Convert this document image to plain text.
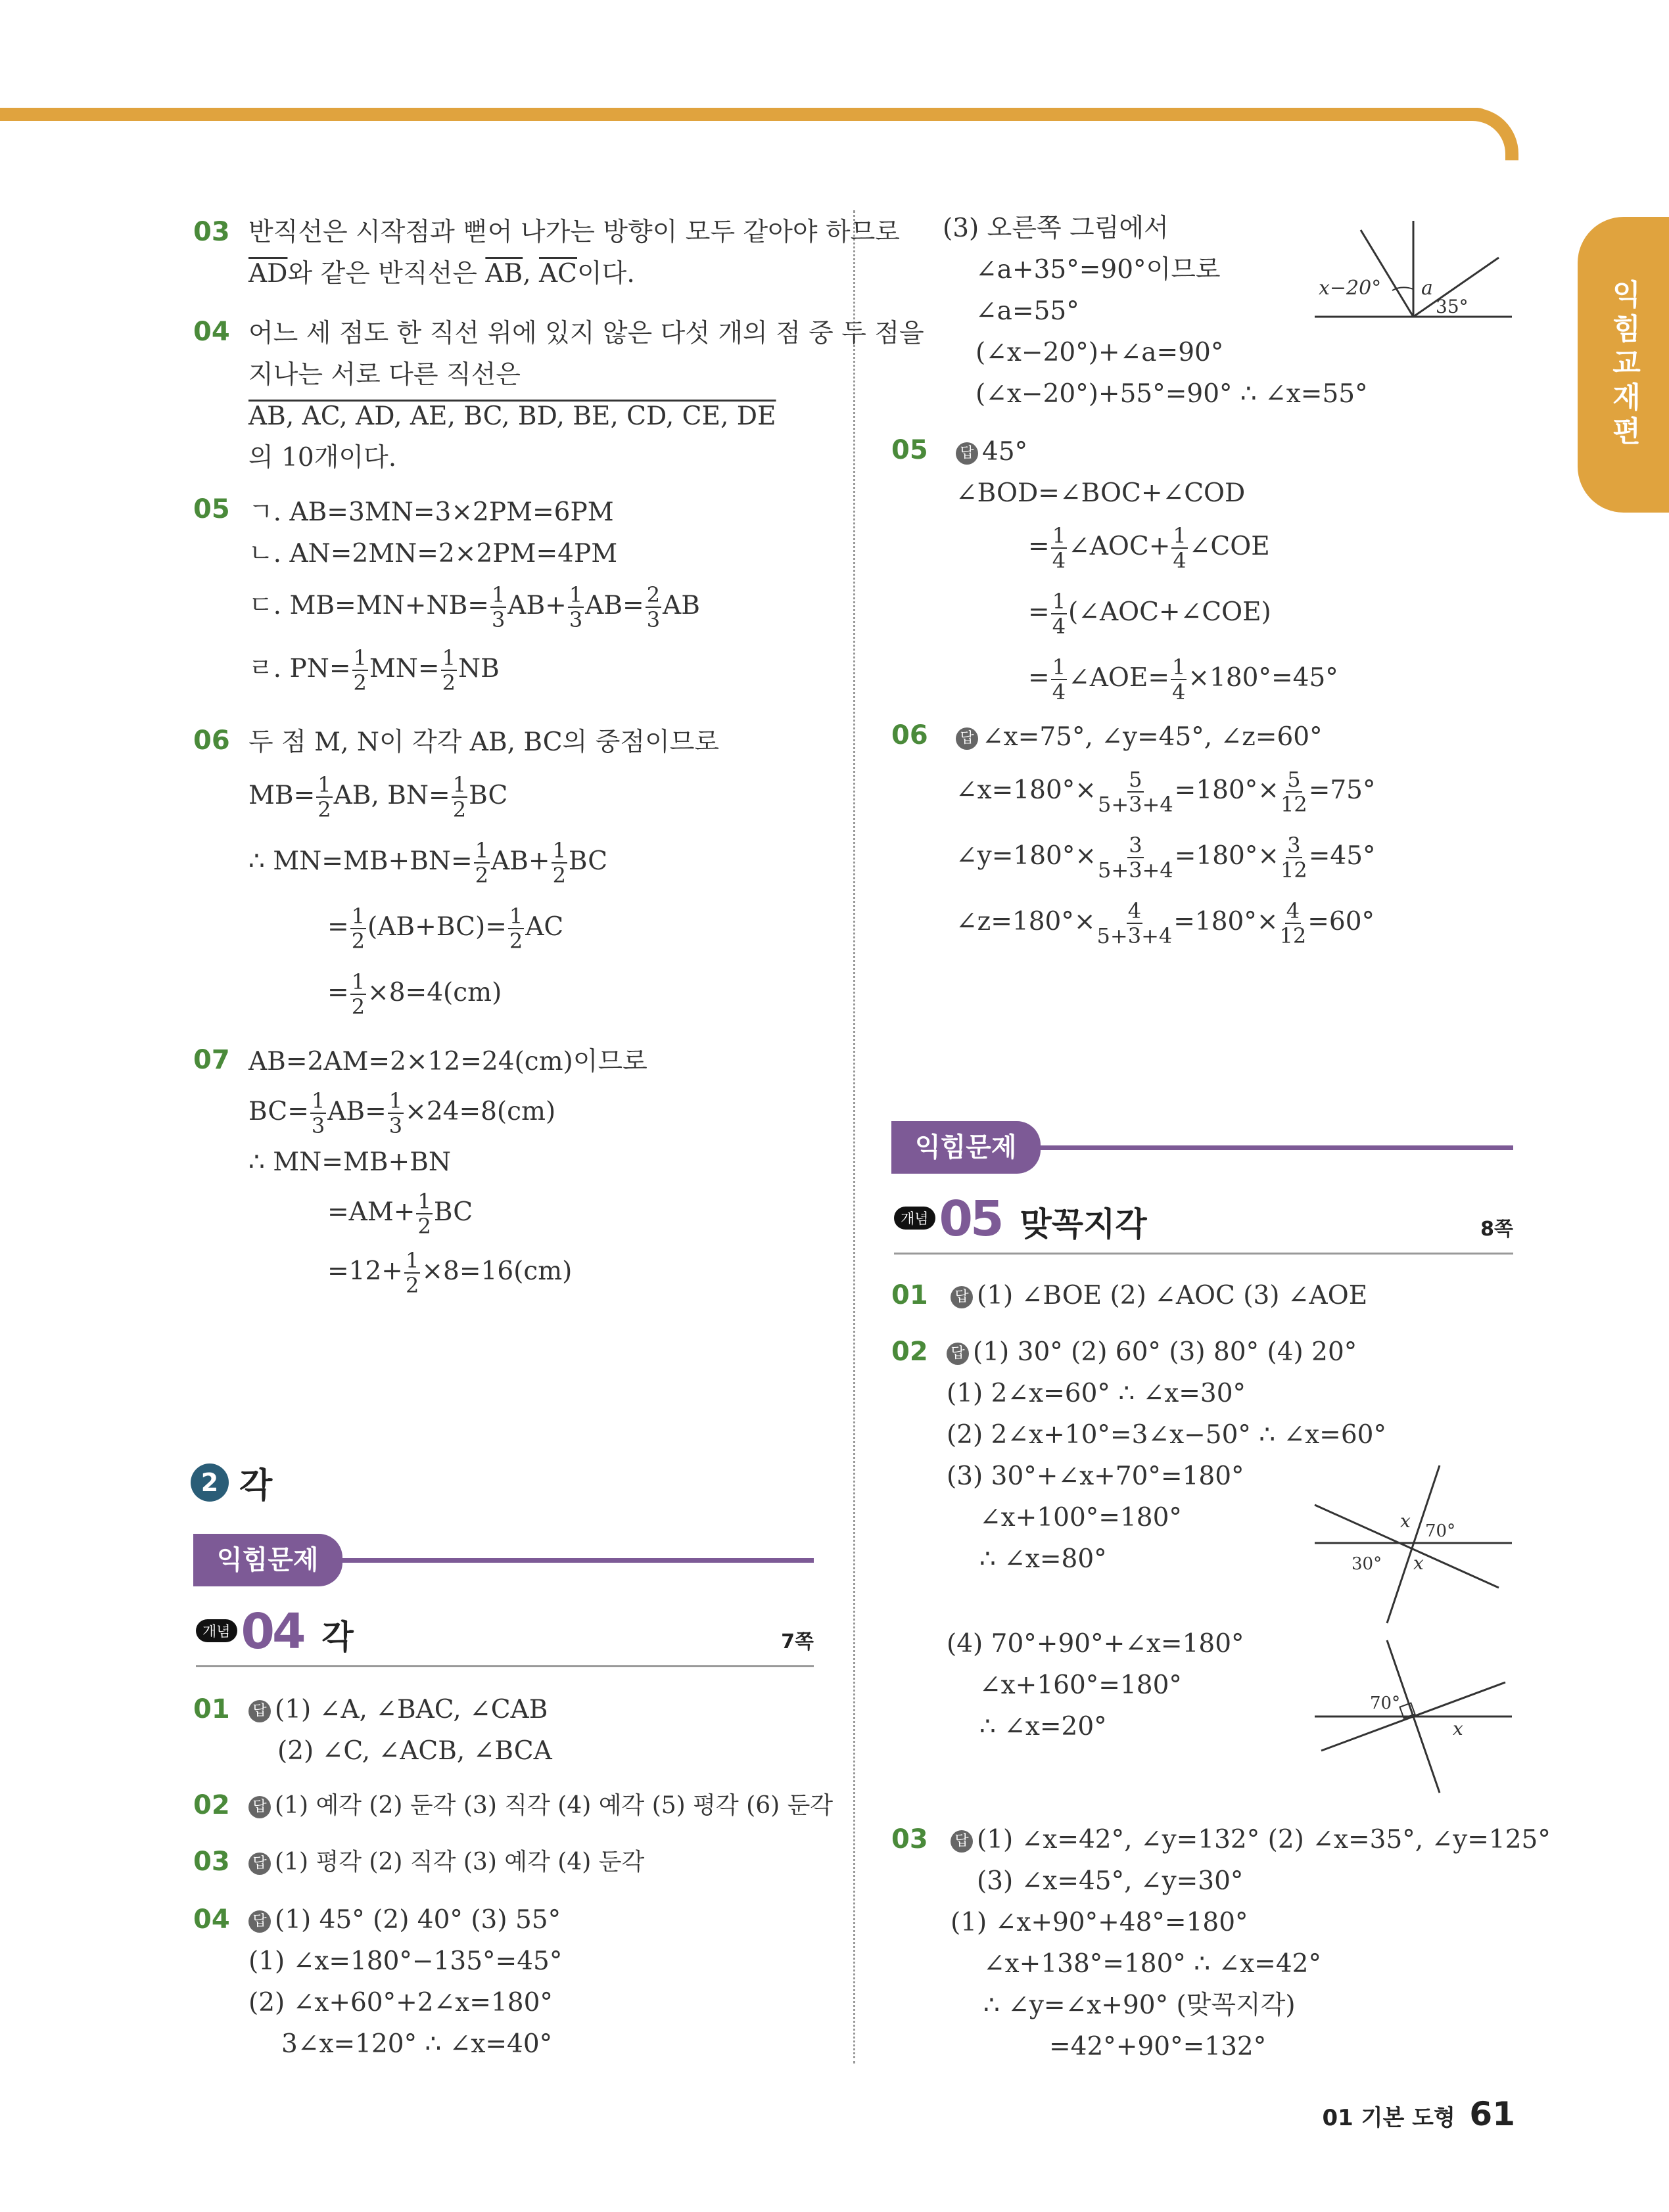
익힘교재편
03 반직선은 시작점과 뻗어 나가는 방향이 모두 같아야 하므로
$\overline{AD}$와 같은 반직선은 $\overline{AB}$, $\overline{AC}$이다.
04 어느 세 점도 한 직선 위에 있지 않은 다섯 개의 점 중 두 점을
지나는 서로 다른 직선은
AB, AC, AD, AE, BC, BD, BE, CD, CE, DE
의 10개이다.
05 ㄱ. AB=3MN=3×2PM=6PM
ㄴ. AN=2MN=2×2PM=4PM
ㄷ. $MB=MN+NB= \frac{1}{3} AB+ \frac{1}{3} AB= \frac{2}{3}$ AB
ㄹ. $PN= \frac{1}{2} MN= \frac{1}{2}$ NB
06 두 점 M, N이 각각 AB, BC의 중점이므로
$MB= \frac{1}{2}$ AB, $BN= \frac{1}{2}$ BC
∴ $MN=MB+BN= \frac{1}{2} AB+ \frac{1}{2}$ BC
= $\frac{1}{2} (AB+BC)= \frac{1}{2}$ AC
= $\frac{1}{2} \times 8=4(cm)$
07 AB=2AM=2×12=24(cm)이므로
$BC= \frac{1}{3} AB= \frac{1}{3} \times 24=8(cm)$
∴ MN=MB+BN
$=AM+ \frac{1}{2}$ BC
$=12+ \frac{1}{2} \times 8=16(cm)$
2 각
익힘문제
개념 04 각	7쪽
01 답 (1) ∠A, ∠BAC, ∠CAB
(2) ∠C, ∠ACB, ∠BCA
02 답 (1) 예각 (2) 둔각 (3) 직각 (4) 예각 (5) 평각 (6) 둔각
03 답 (1) 평각 (2) 직각 (3) 예각 (4) 둔각
04 답 (1) 45° (2) 40° (3) 55°
(1) ∠x=180°−135°=45°
(2) ∠x+60°+2∠x=180°
3∠x=120° ∴ ∠x=40°
(3) 오른쪽 그림에서
∠a+35°=90°이므로
∠a=55°
(∠x−20°)+∠a=90°
(∠x−20°)+55°=90° ∴ ∠x=55°
x−20° a
35°
05 답 45°
∠BOD=∠BOC+∠COD
= $\frac{1}{4}$ ∠AOC+ $\frac{1}{4}$ ∠COE
= $\frac{1}{4}$ (∠AOC+∠COE)
= $\frac{1}{4}$ ∠AOE= $\frac{1}{4} \times 180^\circ=45^\circ$
06 답 ∠x=75°, ∠y=45°, ∠z=60°
∠x=180°× $\frac{5}{5+3+4} =180^\circ\times \frac{5}{12} =75^\circ$
∠y=180°× $\frac{3}{5+3+4} =180^\circ\times \frac{3}{12} =45^\circ$
∠z=180°× $\frac{4}{5+3+4} =180^\circ\times \frac{4}{12} =60^\circ$
익힘문제
개념 05 맞꼭지각	8쪽
01 답 (1) ∠BOE (2) ∠AOC (3) ∠AOE
02 답 (1) 30° (2) 60° (3) 80° (4) 20°
(1) 2∠x=60° ∴ ∠x=30°
(2) 2∠x+10°=3∠x−50° ∴ ∠x=60°
(3) 30°+∠x+70°=180°
∠x+100°=180°
∴ ∠x=80°
(4) 70°+90°+∠x=180°
∠x+160°=180°
∴ ∠x=20°
x 70°
30° x
70°
x
03 답 (1) ∠x=42°, ∠y=132° (2) ∠x=35°, ∠y=125°
(3) ∠x=45°, ∠y=30°
(1) ∠x+90°+48°=180°
∠x+138°=180° ∴ ∠x=42°
∴ ∠y=∠x+90° (맞꼭지각)
=42°+90°=132°
01 기본 도형 61
